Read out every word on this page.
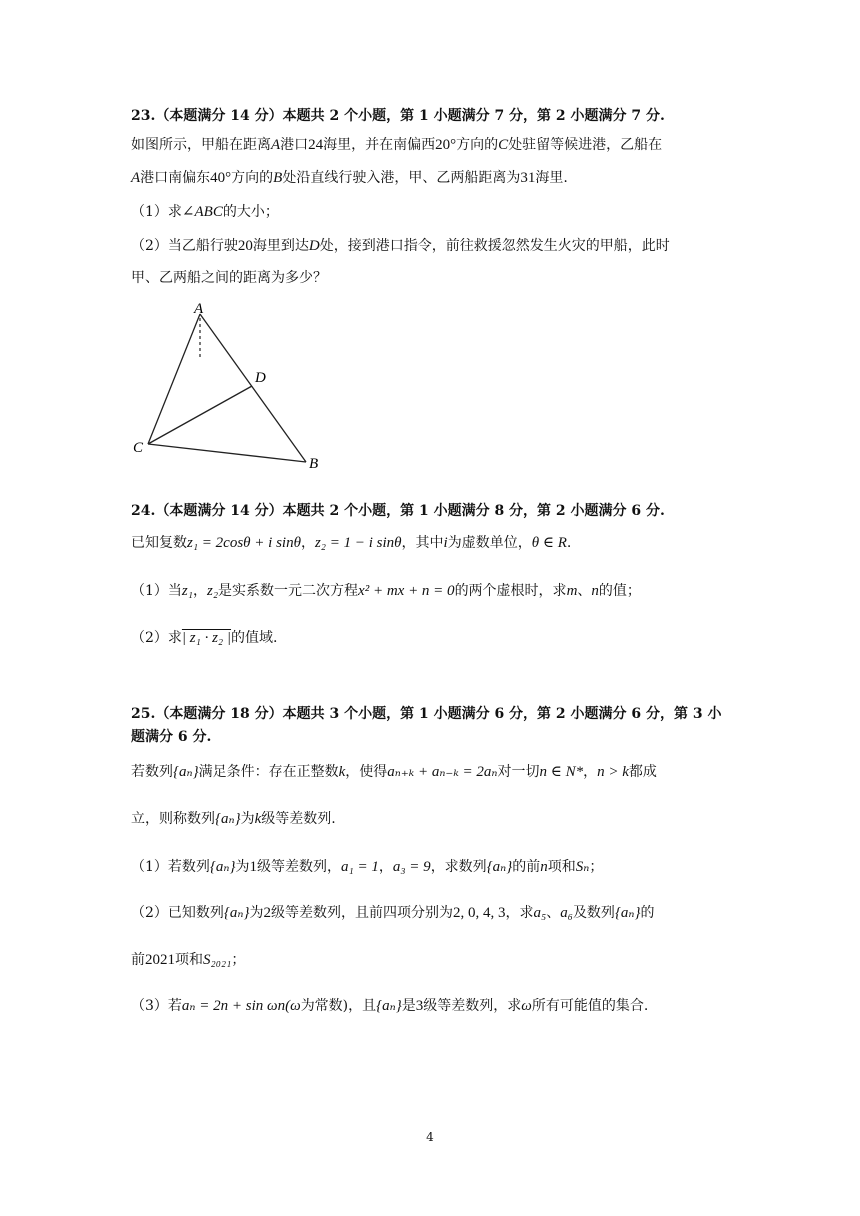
23.（本题满分 14 分）本题共 2 个小题，第 1 小题满分 7 分，第 2 小题满分 7 分.
如图所示，甲船在距离A港口24海里，并在南偏西20°方向的C处驻留等候进港，乙船在
A港口南偏东40°方向的B处沿直线行驶入港，甲、乙两船距离为31海里.
（1）求∠ABC的大小；
（2）当乙船行驶20海里到达D处，接到港口指令，前往救援忽然发生火灾的甲船，此时
甲、乙两船之间的距离为多少？
A
B
C
D
24.（本题满分 14 分）本题共 2 个小题，第 1 小题满分 8 分，第 2 小题满分 6 分.
已知复数z₁ = 2cosθ + i sinθ，z₂ = 1 − i sinθ，其中i为虚数单位，θ ∈ R.
（1）当z₁，z₂是实系数一元二次方程x² + mx + n = 0的两个虚根时，求m、n的值；
（2）求| z₁ · z₂ |的值域.
25.（本题满分 18 分）本题共 3 个小题，第 1 小题满分 6 分，第 2 小题满分 6 分，第 3 小
题满分 6 分.
若数列{aₙ}满足条件：存在正整数k，使得aₙ₊ₖ + aₙ₋ₖ = 2aₙ对一切n ∈ N*，n > k都成
立，则称数列{aₙ}为k级等差数列.
（1）若数列{aₙ}为1级等差数列，a₁ = 1，a₃ = 9，求数列{aₙ}的前n项和Sₙ；
（2）已知数列{aₙ}为2级等差数列，且前四项分别为2, 0, 4, 3，求a₅、a₆及数列{aₙ}的
前2021项和S₂₀₂₁；
（3）若aₙ = 2n + sin ωn(ω为常数)，且{aₙ}是3级等差数列，求ω所有可能值的集合.
4
